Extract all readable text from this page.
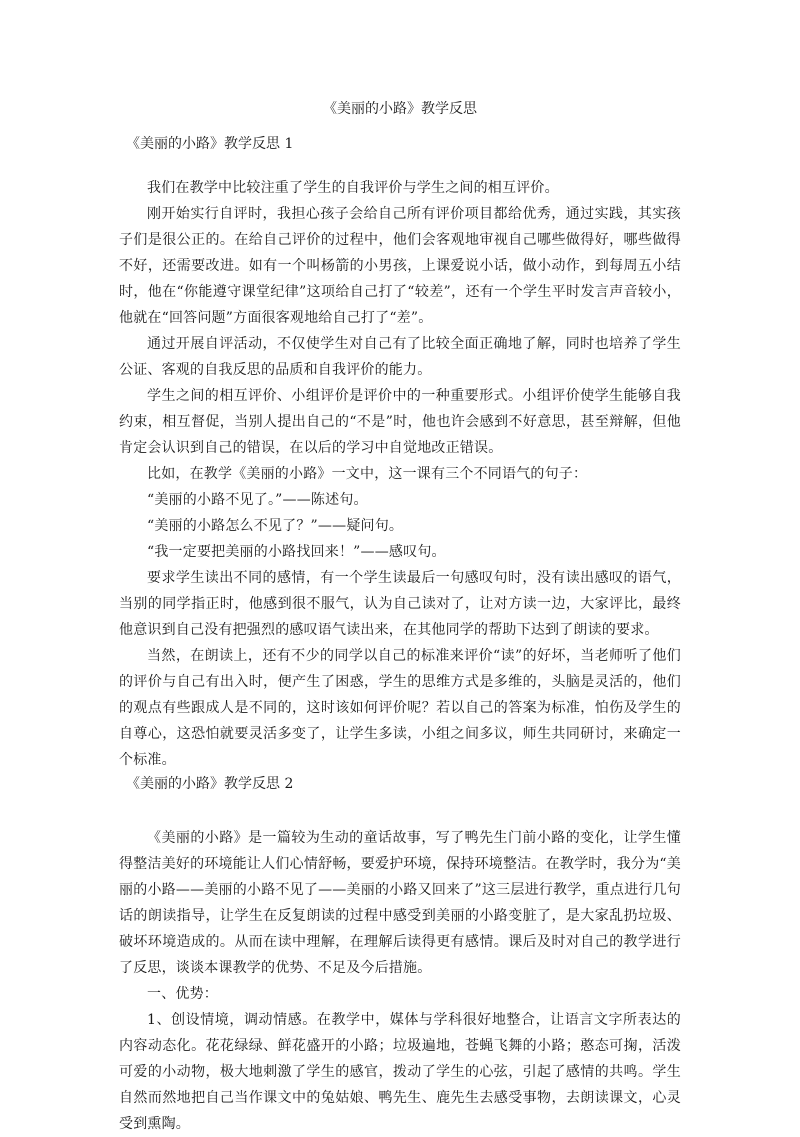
《美丽的小路》教学反思
《美丽的小路》教学反思 1

我们在教学中比较注重了学生的自我评价与学生之间的相互评价。

刚开始实行自评时，我担心孩子会给自己所有评价项目都给优秀，通过实践，其实孩子们是很公正的。在给自己评价的过程中，他们会客观地审视自己哪些做得好，哪些做得不好，还需要改进。如有一个叫杨箭的小男孩，上课爱说小话，做小动作，到每周五小结时，他在“你能遵守课堂纪律”这项给自己打了“较差”，还有一个学生平时发言声音较小，他就在“回答问题”方面很客观地给自己打了“差”。

通过开展自评活动，不仅使学生对自己有了比较全面正确地了解，同时也培养了学生公证、客观的自我反思的品质和自我评价的能力。

学生之间的相互评价、小组评价是评价中的一种重要形式。小组评价使学生能够自我约束，相互督促，当别人提出自己的“不是”时，他也许会感到不好意思，甚至辩解，但他肯定会认识到自己的错误，在以后的学习中自觉地改正错误。

比如，在教学《美丽的小路》一文中，这一课有三个不同语气的句子：

“美丽的小路不见了。”——陈述句。

“美丽的小路怎么不见了？”——疑问句。

“我一定要把美丽的小路找回来！”——感叹句。

要求学生读出不同的感情，有一个学生读最后一句感叹句时，没有读出感叹的语气，当别的同学指正时，他感到很不服气，认为自己读对了，让对方读一边，大家评比，最终他意识到自己没有把强烈的感叹语气读出来，在其他同学的帮助下达到了朗读的要求。

当然，在朗读上，还有不少的同学以自己的标准来评价“读”的好坏，当老师听了他们的评价与自己有出入时，便产生了困惑，学生的思维方式是多维的，头脑是灵活的，他们的观点有些跟成人是不同的，这时该如何评价呢？若以自己的答案为标准，怕伤及学生的自尊心，这恐怕就要灵活多变了，让学生多读，小组之间多议，师生共同研讨，来确定一个标准。

《美丽的小路》教学反思 2

《美丽的小路》是一篇较为生动的童话故事，写了鸭先生门前小路的变化，让学生懂得整洁美好的环境能让人们心情舒畅，要爱护环境，保持环境整洁。在教学时，我分为“美丽的小路——美丽的小路不见了——美丽的小路又回来了”这三层进行教学，重点进行几句话的朗读指导，让学生在反复朗读的过程中感受到美丽的小路变脏了，是大家乱扔垃圾、破坏环境造成的。从而在读中理解，在理解后读得更有感情。课后及时对自己的教学进行了反思，谈谈本课教学的优势、不足及今后措施。

一、优势：

1、创设情境，调动情感。在教学中，媒体与学科很好地整合，让语言文字所表达的内容动态化。花花绿绿、鲜花盛开的小路；垃圾遍地，苍蝇飞舞的小路；憨态可掬，活泼可爱的小动物，极大地刺激了学生的感官，拨动了学生的心弦，引起了感情的共鸣。学生自然而然地把自己当作课文中的兔姑娘、鸭先生、鹿先生去感受事物，去朗读课文，心灵受到熏陶。
